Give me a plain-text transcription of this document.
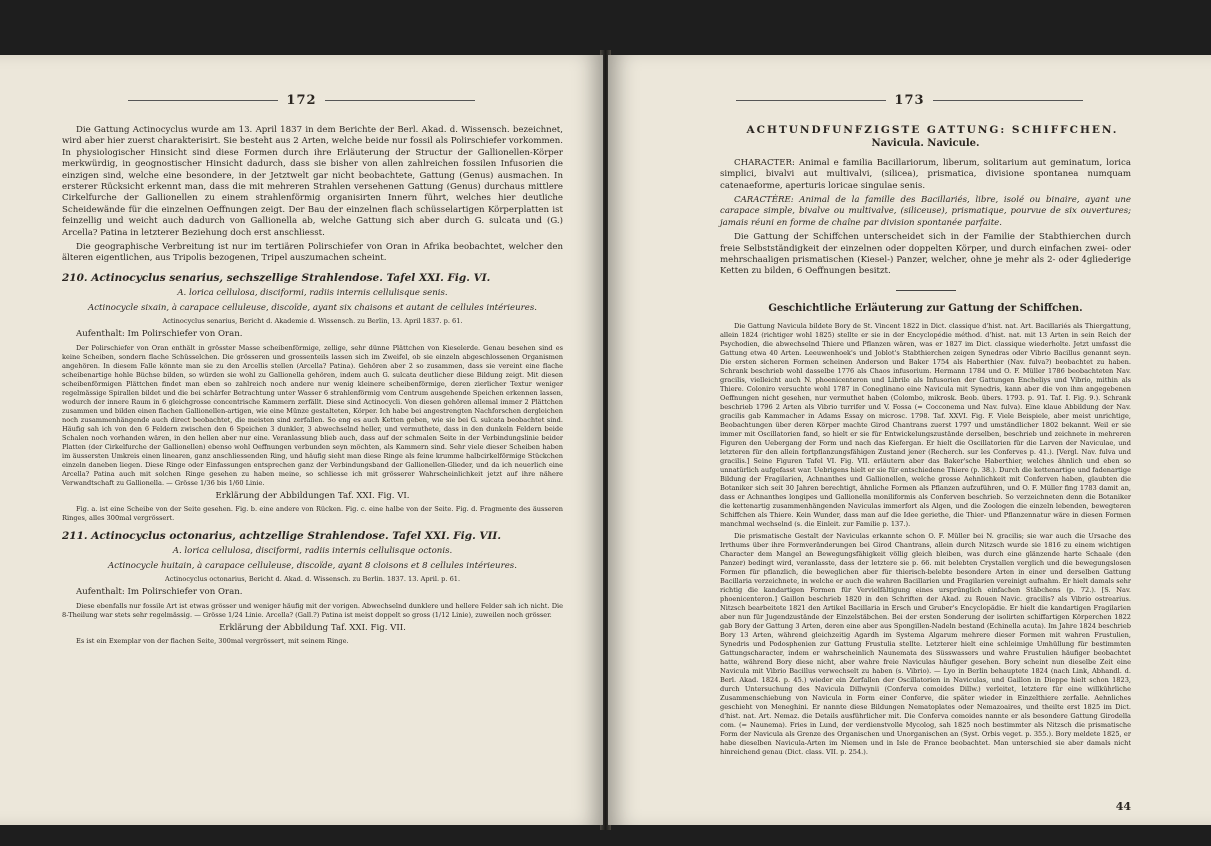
172

Die Gattung Actinocyclus wurde am 13. April 1837 in dem Berichte der Berl. Akad. d. Wissensch. bezeichnet, wird aber hier zuerst charakterisirt. Sie besteht aus 2 Arten, welche beide nur fossil als Polirschiefer vorkommen. In physiologischer Hinsicht sind diese Formen durch ihre Erläuterung der Structur der Gallionellen-Körper merkwürdig, in geognostischer Hinsicht dadurch, dass sie bisher von allen zahlreichen fossilen Infusorien die einzigen sind, welche eine besondere, in der Jetztwelt gar nicht beobachtete, Gattung (Genus) ausmachen. In ersterer Rücksicht erkennt man, dass die mit mehreren Strahlen versehenen Gattung (Genus) durchaus mittlere Cirkelfurche der Gallionellen zu einem strahlenförmig organisirten Innern führt, welches hier deutliche Scheidewände für die einzelnen Oeffnungen zeigt. Der Bau der einzelnen flach schüsselartigen Körperplatten ist feinzellig und weicht auch dadurch von Gallionella ab, welche Gattung sich aber durch G. sulcata und (G.) Arcella? Patina in letzterer Beziehung doch erst anschliesst.

Die geographische Verbreitung ist nur im tertiären Polirschiefer von Oran in Afrika beobachtet, welcher den älteren eigentlichen, aus Tripolis bezogenen, Tripel auszumachen scheint.

210. Actinocyclus senarius, sechszellige Strahlendose. Tafel XXI. Fig. VI.

A. lorica cellulosa, disciformi, radiis internis cellulisque senis.

Actinocycle sixain, à carapace celluleuse, discoïde, ayant six chaisons et autant de cellules intérieures.

Actinocyclus senarius, Bericht d. Akademie d. Wissensch. zu Berlin, 13. April 1837. p. 61.

Aufenthalt: Im Polirschiefer von Oran.

Der Polirschiefer von Oran enthält in grösster Masse scheibenförmige, zellige, sehr dünne Plättchen von Kieselerde. Genau besehen sind es keine Scheiben, sondern flache Schüsselchen. Die grösseren und grossenteils lassen sich im Zweifel, ob sie einzeln abgeschlossenen Organismen angehören. In diesem Falle könnte man sie zu den Arcellis stellen (Arcella? Patina). Gehören aber 2 so zusammen, dass sie vereint eine flache scheibenartige hohle Büchse bilden, so würden sie wohl zu Gallionella gehören, indem auch G. sulcata deutlicher diese Bildung zeigt. Mit diesen scheibenförmigen Plättchen findet man eben so zahlreich noch andere nur wenig kleinere scheibenförmige, deren zierlicher Textur weniger regelmässige Spirallen bildet und die bei schärfer Betrachtung unter Wasser 6 strahlenförmig vom Centrum ausgehende Speichen erkennen lassen, wodurch der innere Raum in 6 gleichgrosse concentrische Kammern zerfällt. Diese sind Actinocycli. Von diesen gehören allemal immer 2 Plättchen zusammen und bilden einen flachen Gallionellen-artigen, wie eine Münze gestalteten, Körper. Ich habe bei angestrengten Nachforschen dergleichen noch zusammenhängende auch direct beobachtet, die meisten sind zerfallen. So eng es auch Ketten geben, wie sie bei G. sulcata beobachtet sind. Häufig sah ich von den 6 Feldern zwischen den 6 Speichen 3 dunkler, 3 abwechselnd heller, und vermuthete, dass in den dunkeln Feldern beide Schalen noch vorhanden wären, in den hellen aber nur eine. Veranlassung blieb auch, dass auf der schmalen Seite in der Verbindungslinie beider Platten (der Cirkelfurche der Gallionellen) ebenso wohl Oeffnungen verbunden seyn möchten, als Kammern sind. Sehr viele dieser Scheiben haben im äussersten Umkreis einen linearen, ganz anschliessenden Ring, und häufig sieht man diese Ringe als feine krumme halbcirkelförmige Stückchen einzeln daneben liegen. Diese Ringe oder Einfassungen entsprechen ganz der Verbindungsband der Gallionellen-Glieder, und da ich neuerlich eine Arcella? Patina auch mit solchen Ringe gesehen zu haben meine, so schliesse ich mit grösserer Wahrscheinlichkeit jetzt auf ihre nähere Verwandtschaft zu Gallionella. — Grösse 1/36 bis 1/60 Linie.

Erklärung der Abbildungen Taf. XXI. Fig. VI.

Fig. a. ist eine Scheibe von der Seite gesehen. Fig. b. eine andere von Rücken. Fig. c. eine halbe von der Seite. Fig. d. Fragmente des äusseren Ringes, alles 300mal vergrössert.

211. Actinocyclus octonarius, achtzellige Strahlendose. Tafel XXI. Fig. VII.

A. lorica cellulosa, disciformi, radiis internis cellulisque octonis.

Actinocycle huitain, à carapace celluleuse, discoïde, ayant 8 cloisons et 8 cellules intérieures.

Actinocyclus octonarius, Bericht d. Akad. d. Wissensch. zu Berlin. 1837. 13. April. p. 61.

Aufenthalt: Im Polirschiefer von Oran.

Diese ebenfalls nur fossile Art ist etwas grösser und weniger häufig mit der vorigen. Abwechselnd dunklere und hellere Felder sah ich nicht. Die 8-Theilung war stets sehr regelmässig. — Grösse 1/24 Linie. Arcella? (Gall.?) Patina ist meist doppelt so gross (1/12 Linie), zuweilen noch grösser.

Erklärung der Abbildung Taf. XXI. Fig. VII.

Es ist ein Exemplar von der flachen Seite, 300mal vergrössert, mit seinem Ringe.

173

ACHTUNDFUNFZIGSTE GATTUNG: SCHIFFCHEN.

Navicula. Navicule.

CHARACTER: Animal e familia Bacillariorum, liberum, solitarium aut geminatum, lorica simplici, bivalvi aut multivalvi, (silicea), prismatica, divisione spontanea numquam catenaeforme, aperturis loricae singulae senis.

CARACTÈRE: Animal de la famille des Bacillariés, libre, isolé ou binaire, ayant une carapace simple, bivalve ou multivalve, (siliceuse), prismatique, pourvue de six ouvertures; jamais réuni en forme de chaîne par division spontanée parfaite.

Die Gattung der Schiffchen unterscheidet sich in der Familie der Stabthierchen durch freie Selbstständigkeit der einzelnen oder doppelten Körper, und durch einfachen zwei- oder mehrschaaligen prismatischen (Kiesel-) Panzer, welcher, ohne je mehr als 2- oder 4gliederige Ketten zu bilden, 6 Oeffnungen besitzt.

Geschichtliche Erläuterung zur Gattung der Schiffchen.

Die Gattung Navicula bildete Bory de St. Vincent 1822 in Dict. classique d'hist. nat. Art. Bacillariés als Thiergattung, allein 1824 (richtiger wohl 1825) stellte er sie in der Encyclopédie méthod. d'hist. nat. mit 13 Arten in sein Reich der Psychodien, die abwechselnd Thiere und Pflanzen wären, was er 1827 im Dict. classique wiederholte. Jetzt umfasst die Gattung etwa 40 Arten. Leeuwenhoek's und Joblot's Stabthierchen zeigen Synedras oder Vibrio Bacillus genannt seyn. Die ersten sicheren Formen scheinen Anderson und Baker 1754 als Haberthier (Nav. fulva?) beobachtet zu haben. Schrank beschrieb wohl dasselbe 1776 als Chaos infusorium. Hermann 1784 und O. F. Müller 1786 beobachteten Nav. gracilis, vielleicht auch N. phoenicenteron und Librile als Infusorien der Gattungen Encheliys und Vibrio, mithin als Thiere. Coloniro versuchte wohl 1787 in Coneglinano eine Navicula mit Synedris, kann aber die von ihm angegebenen Oeffnungen nicht gesehen, nur vermuthet haben (Colombo, mikrosk. Beob. übers. 1793. p. 91. Taf. I. Fig. 9.). Schrank beschrieb 1796 2 Arten als Vibrio turrifer und V. Fossa (= Cocconema und Nav. fulva). Eine klaue Abbildung der Nav. gracilis gab Kammacher in Adams Essay on microsc. 1798. Taf. XXVI. Fig. F. Viele Beispiele, aber meist unrichtige, Beobachtungen über deren Körper machte Girod Chantrans zuerst 1797 und umständlicher 1802 bekannt. Weil er sie immer mit Oscillatorien fand, so hielt er sie für Entwickelungszustände derselben, beschrieb und zeichnete in mehreren Figuren den Uebergang der Form und nach das Kiefergan. Er hielt die Oscillatorien für die Larven der Naviculae, und letzteren für den allein fortpflanzungsfähigen Zustand jener (Recherch. sur les Conferves p. 41.). [Vergl. Nav. fulva und gracilis.] Seine Figuren Tafel VI. Fig. VII. erläutern aber das Baker'sche Haberthier, welches ähnlich und eben so unnatürlich aufgefasst war. Uebrigens hielt er sie für entschiedene Thiere (p. 38.). Durch die kettenartige und fadenartige Bildung der Fragilarien, Achnanthes und Gallionellen, welche grosse Aehnlichkeit mit Conferven haben, glaubten die Botaniker sich seit 30 Jahren berechtigt, ähnliche Formen als Pflanzen aufzuführen, und O. F. Müller fing 1783 damit an, dass er Achnanthes longipes und Gallionella moniliformis als Conferven beschrieb. So verzeichneten denn die Botaniker die kettenartig zusammenhängenden Naviculas immerfort als Algen, und die Zoologen die einzeln lebenden, bewegteren Schiffchen als Thiere. Kein Wunder, dass man auf die Idee geriethe, die Thier- und Pflanzennatur wäre in diesen Formen manchmal wechselnd (s. die Einleit. zur Familie p. 137.).

Die prismatische Gestalt der Naviculas erkannte schon O. F. Müller bei N. gracilis; sie war auch die Ursache des Irrthums über ihre Formveränderungen bei Girod Chantrans, allein durch Nitzsch wurde sie 1816 zu einem wichtigen Character dem Mangel an Bewegungsfähigkeit völlig gleich bleiben, was durch eine glänzende harte Schaale (den Panzer) bedingt wird, veranlasste, dass der letztere sie p. 66. mit belebten Crystallen verglich und die bewegungslosen Formen für pflanzlich, die beweglichen aber für thierisch-belebte besondere Arten in einer und derselben Gattung Bacillaria verzeichnete, in welche er auch die wahren Bacillarien und Fragilarien vereinigt aufnahm. Er hielt damals sehr richtig die kandartigen Formen für Vervielfältigung eines ursprünglich einfachen Stäbchens (p. 72.). [S. Nav. phoenicenteron.] Gaillon beschrieb 1820 in den Schriften der Akad. zu Rouen Navic. gracilis? als Vibrio ostrearius. Nitzsch bearbeitete 1821 den Artikel Bacillaria in Ersch und Gruber's Encyclopädie. Er hielt die kandartigen Fragilarien aber nun für Jugendzustände der Einzelstäbchen. Bei der ersten Sonderung der isolirten schiffartigen Körperchen 1822 gab Bory der Gattung 3 Arten, deren eine aber aus Spongillen-Nadeln bestand (Echinella acuta). Im Jahre 1824 beschrieb Bory 13 Arten, während gleichzeitig Agardh im Systema Algarum mehrere dieser Formen mit wahren Frustulien, Synedris und Podosphenien zur Gattung Frustulia stellte. Letzterer hielt eine schleimige Umhüllung für bestimmten Gattungscharacter, indem er wahrscheinlich Naunemata des Süsswassers und wahre Frustulien häufiger beobachtet hatte, während Bory diese nicht, aber wahre freie Naviculas häufiger gesehen. Bory scheint nun dieselbe Zeit eine Navicula mit Vibrio Bacillus verwechselt zu haben (s. Vibrio). — Lyo in Berlin behauptete 1824 (nach Link, Abhandl. d. Berl. Akad. 1824. p. 45.) wieder ein Zerfallen der Oscillatorien in Naviculas, und Gaillon in Dieppe hielt schon 1823, durch Untersuchung des Navicula Dillwynii (Conferva comoides Dillw.) verleitet, letztere für eine willkührliche Zusammenschiebung von Navicula in Form einer Conferve, die später wieder in Einzelthiere zerfalle. Aehnliches geschieht von Meneghini. Er nannte diese Bildungen Nematoplates oder Nemazoaires, und theilte erst 1825 im Dict. d'hist. nat. Art. Nemaz. die Details ausführlicher mit. Die Conferva comoides nannte er als besondere Gattung Girodella com. (= Naunema). Fries in Lund, der verdienstvolle Mycolog, sah 1825 noch bestimmter als Nitzsch die prismatische Form der Navicula als Grenze des Organischen und Unorganischen an (Syst. Orbis veget. p. 355.). Bory meldete 1825, er habe dieselben Navicula-Arten im Niemen und in Isle de France beobachtet. Man unterschied sie aber damals nicht hinreichend genau (Dict. class. VII. p. 254.).

44
